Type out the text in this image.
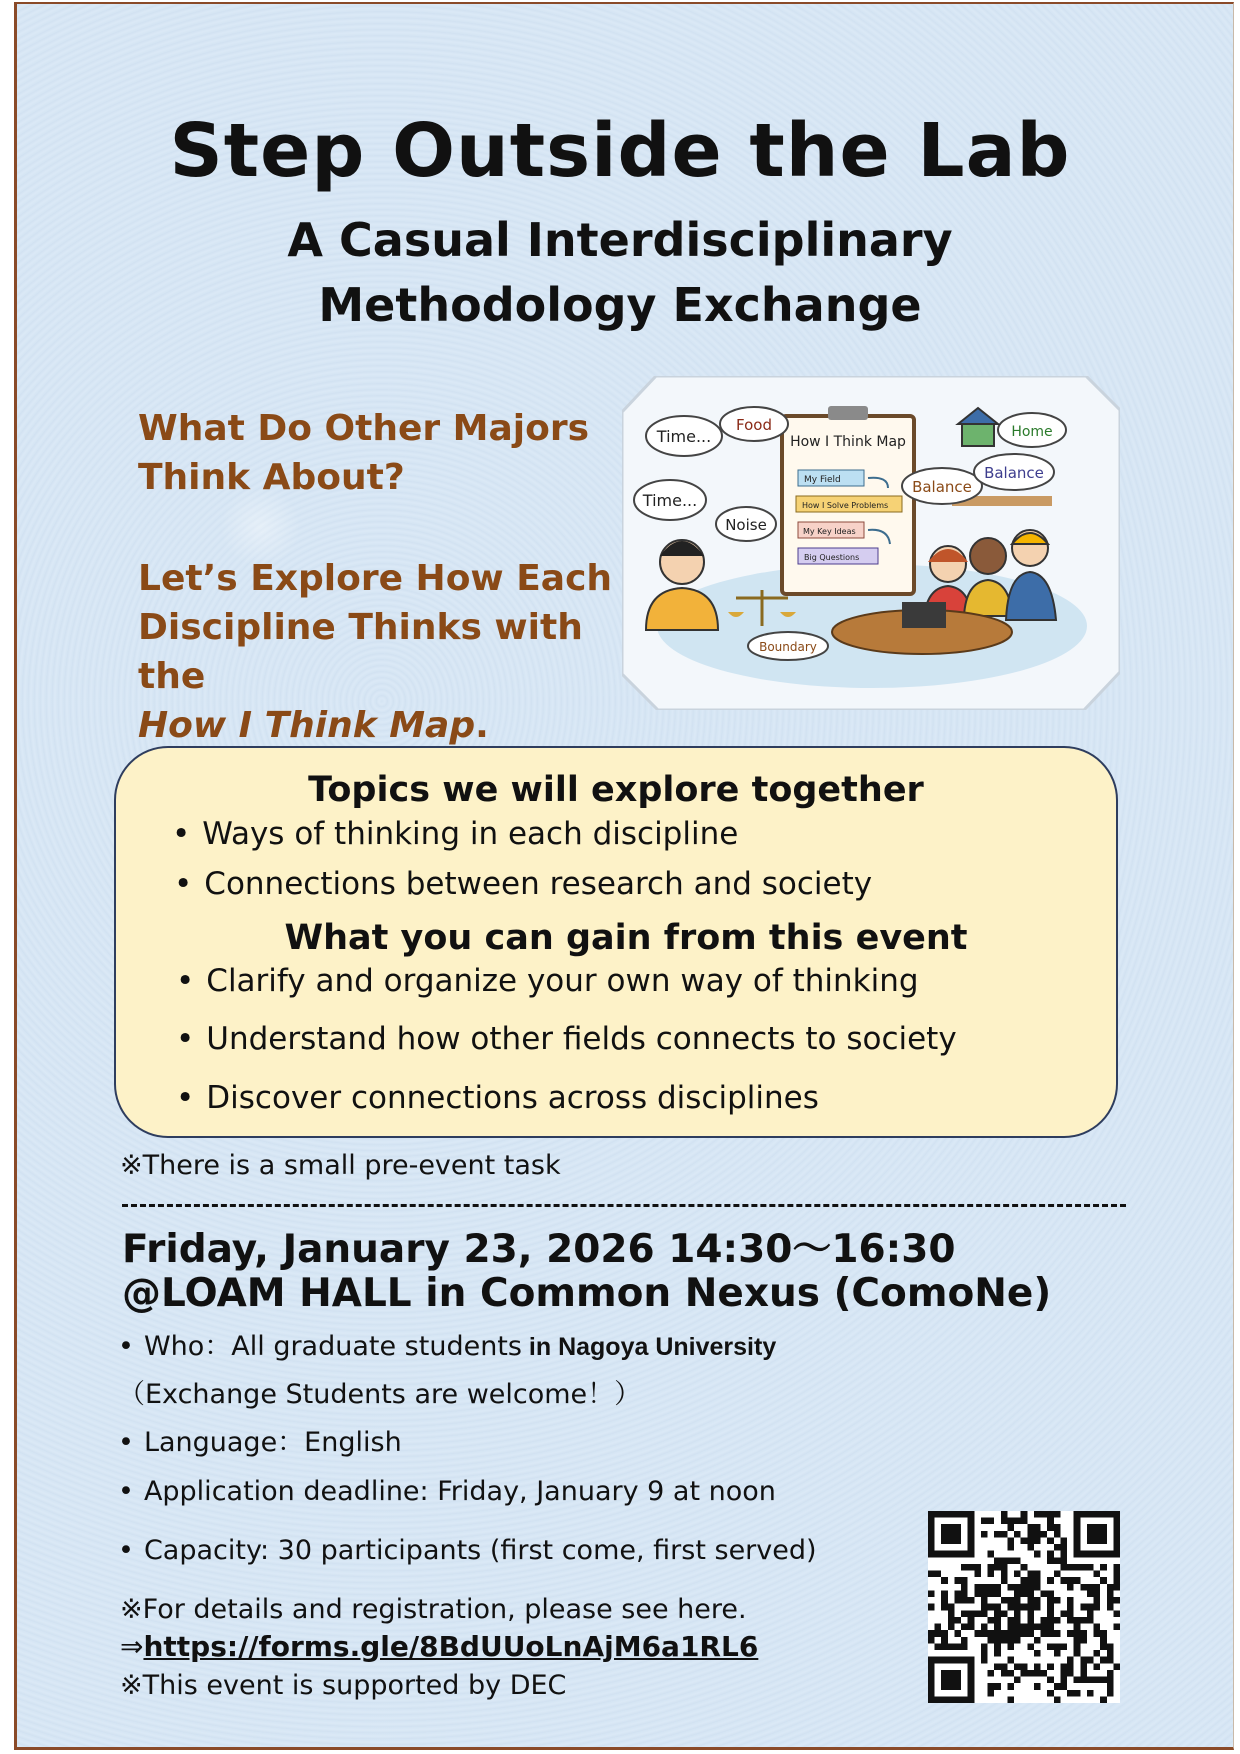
Step Outside the Lab
A Casual Interdisciplinary
Methodology Exchange
What Do Other Majors
Think About?
Let’s Explore How Each
Discipline Thinks with the
How I Think Map.
How I Think Map
My Field
How I Solve Problems
My Key Ideas
Big Questions
Time...
Food
Time...
Noise
Home
Balance
Balance
Boundary
Topics we will explore together
• Ways of thinking in each discipline
• Connections between research and society
What you can gain from this event
• Clarify and organize your own way of thinking
• Understand how other fields connects to society
• Discover connections across disciplines
※There is a small pre-event task
Friday, January 23, 2026 14:30〜16:30
@LOAM HALL in Common Nexus (ComoNe)
• Who：All graduate students in Nagoya University
（Exchange Students are welcome！）
• Language：English
• Application deadline: Friday, January 9 at noon
• Capacity: 30 participants (first come, first served)
※For details and registration, please see here.
⇒https://forms.gle/8BdUUoLnAjM6a1RL6
※This event is supported by DEC
